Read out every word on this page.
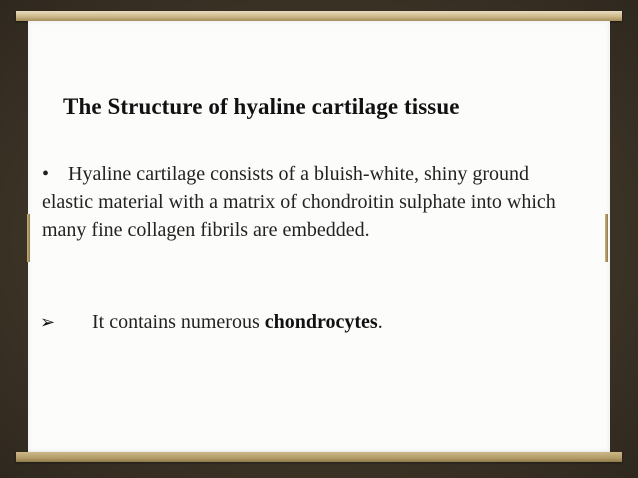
The Structure of hyaline cartilage tissue

• Hyaline cartilage consists of a bluish-white, shiny ground elastic material with a matrix of chondroitin sulphate into which many fine collagen fibrils are embedded.

➢ It contains numerous chondrocytes.
